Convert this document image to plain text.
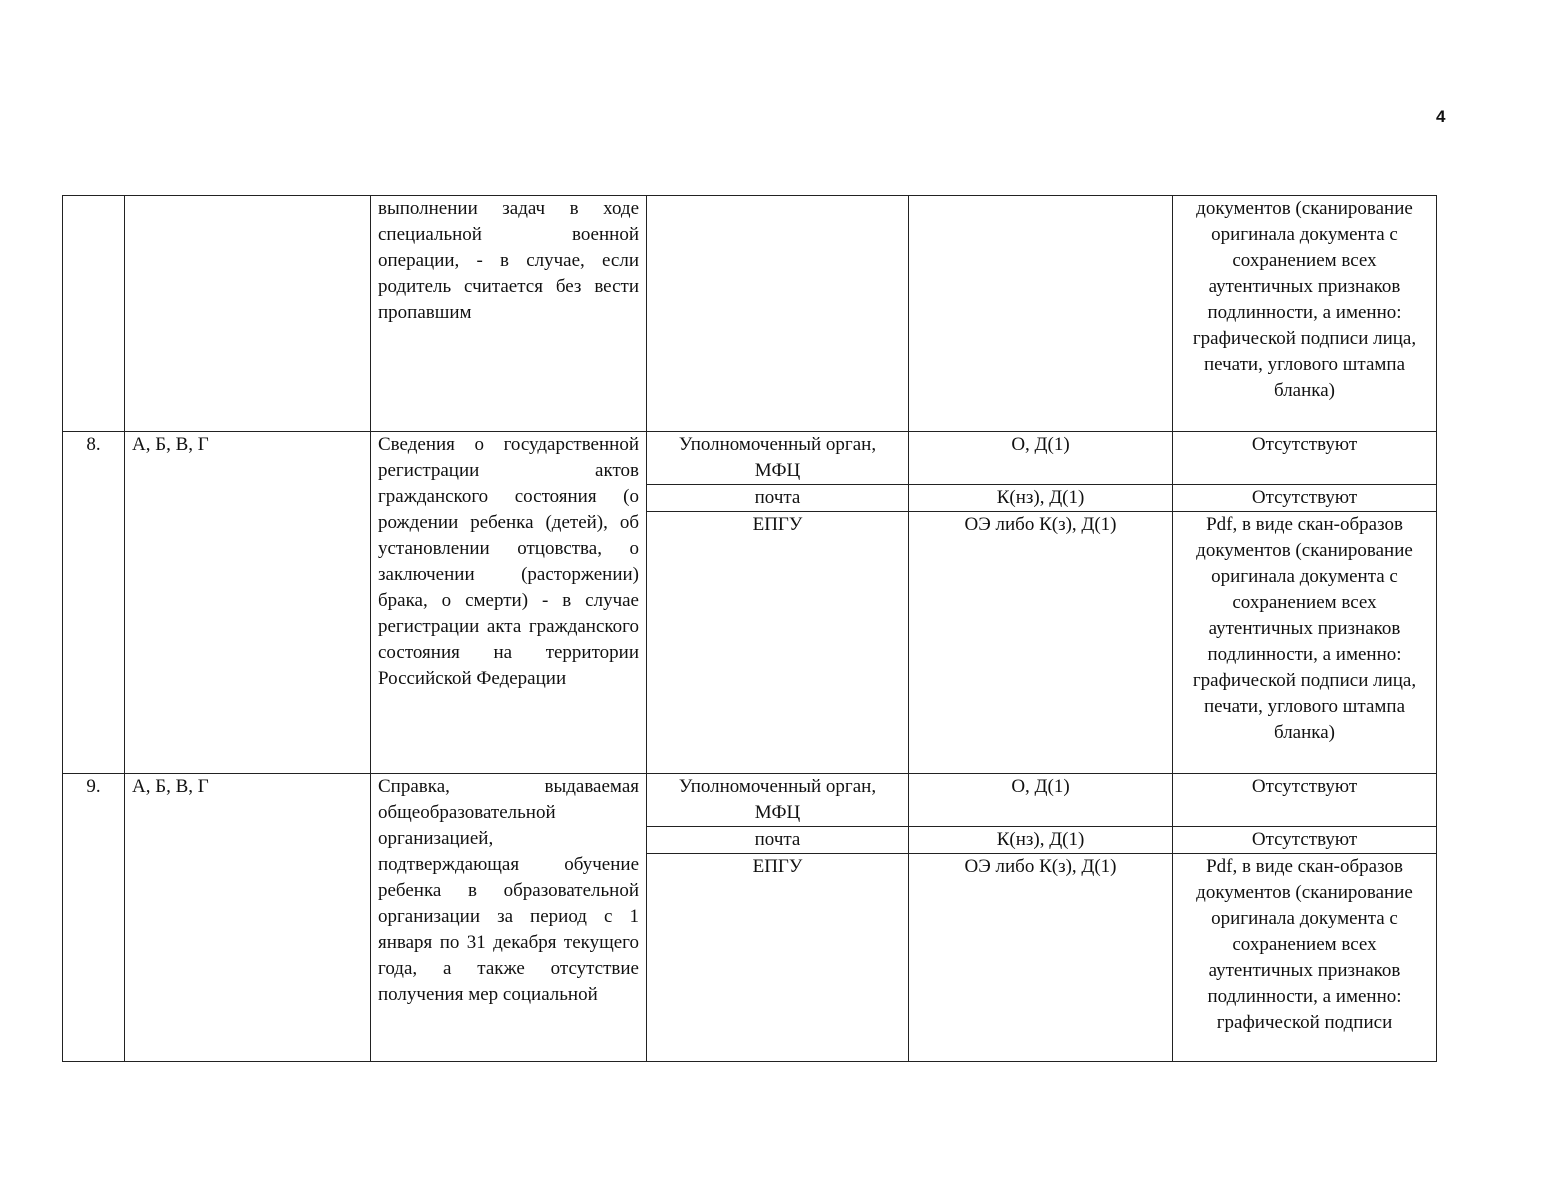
4
		выполнении задач в ходе специальной военной операции, - в случае, если родитель считается без вести пропавшим			документов (сканирование оригинала документа с сохранением всех аутентичных признаков подлинности, а именно: графической подписи лица, печати, углового штампа бланка)
8.	А, Б, В, Г	Сведения о государственной регистрации актов гражданского состояния (о рождении ребенка (детей), об установлении отцовства, о заключении (расторжении) брака, о смерти) - в случае регистрации акта гражданского состояния на территории Российской Федерации	Уполномоченный орган, МФЦ	О, Д(1)	Отсутствуют
			почта	К(нз), Д(1)	Отсутствуют
			ЕПГУ	ОЭ либо К(з), Д(1)	Pdf, в виде скан-образов документов (сканирование оригинала документа с сохранением всех аутентичных признаков подлинности, а именно: графической подписи лица, печати, углового штампа бланка)
9.	А, Б, В, Г	Справка, выдаваемая общеобразовательной организацией, подтверждающая обучение ребенка в образовательной организации за период с 1 января по 31 декабря текущего года, а также отсутствие получения мер социальной	Уполномоченный орган, МФЦ	О, Д(1)	Отсутствуют
			почта	К(нз), Д(1)	Отсутствуют
			ЕПГУ	ОЭ либо К(з), Д(1)	Pdf, в виде скан-образов документов (сканирование оригинала документа с сохранением всех аутентичных признаков подлинности, а именно: графической подписи
